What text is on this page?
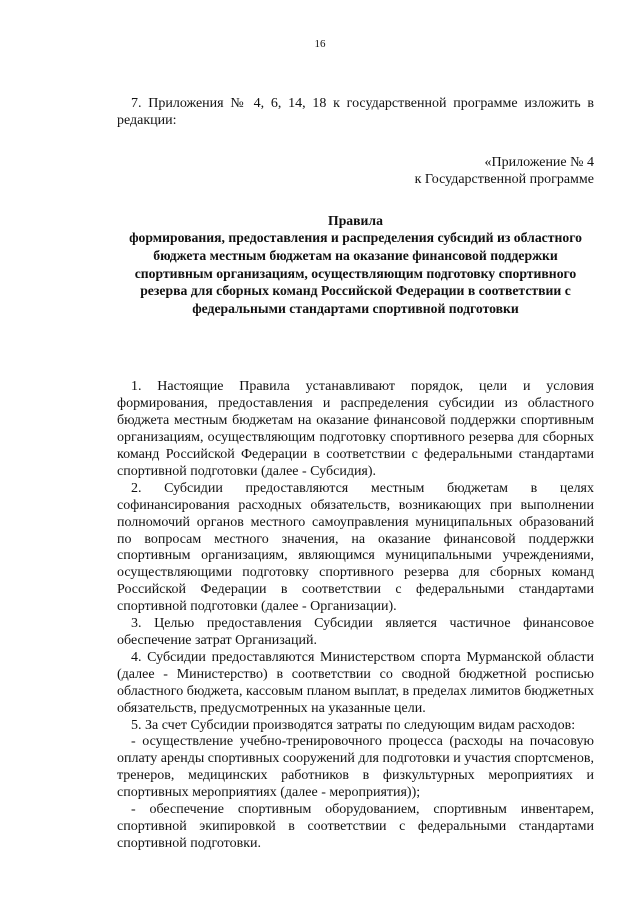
16

7. Приложения № 4, 6, 14, 18 к государственной программе изложить в редакции:

«Приложение № 4
к Государственной программе
Правила
формирования, предоставления и распределения субсидий из областного бюджета местным бюджетам на оказание финансовой поддержки спортивным организациям, осуществляющим подготовку спортивного резерва для сборных команд Российской Федерации в соответствии с федеральными стандартами спортивной подготовки

1. Настоящие Правила устанавливают порядок, цели и условия формирования, предоставления и распределения субсидии из областного бюджета местным бюджетам на оказание финансовой поддержки спортивным организациям, осуществляющим подготовку спортивного резерва для сборных команд Российской Федерации в соответствии с федеральными стандартами спортивной подготовки (далее - Субсидия).

2. Субсидии предоставляются местным бюджетам в целях софинансирования расходных обязательств, возникающих при выполнении полномочий органов местного самоуправления муниципальных образований по вопросам местного значения, на оказание финансовой поддержки спортивным организациям, являющимся муниципальными учреждениями, осуществляющими подготовку спортивного резерва для сборных команд Российской Федерации в соответствии с федеральными стандартами спортивной подготовки (далее - Организации).

3. Целью предоставления Субсидии является частичное финансовое обеспечение затрат Организаций.

4. Субсидии предоставляются Министерством спорта Мурманской области (далее - Министерство) в соответствии со сводной бюджетной росписью областного бюджета, кассовым планом выплат, в пределах лимитов бюджетных обязательств, предусмотренных на указанные цели.

5. За счет Субсидии производятся затраты по следующим видам расходов:

- осуществление учебно-тренировочного процесса (расходы на почасовую оплату аренды спортивных сооружений для подготовки и участия спортсменов, тренеров, медицинских работников в физкультурных мероприятиях и спортивных мероприятиях (далее - мероприятия));

- обеспечение спортивным оборудованием, спортивным инвентарем, спортивной экипировкой в соответствии с федеральными стандартами спортивной подготовки.
